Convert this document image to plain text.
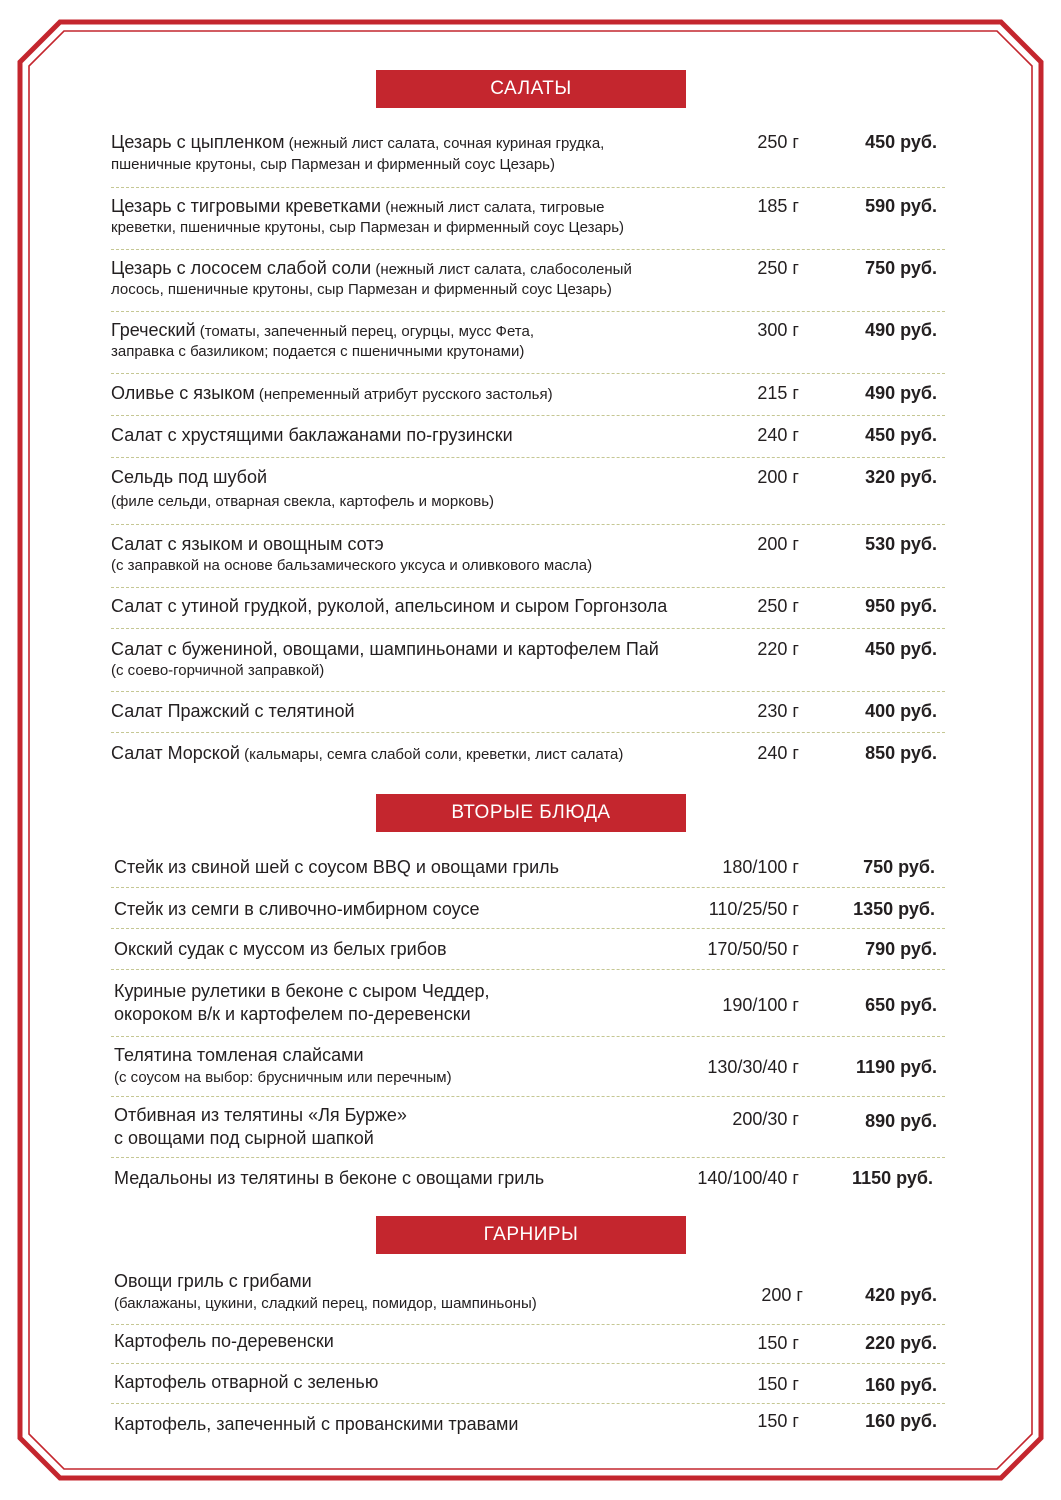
САЛАТЫ
Цезарь с цыпленком (нежный лист салата, сочная куриная грудка,
пшеничные крутоны, сыр Пармезан и фирменный соус Цезарь)
250 г	450 руб.
Цезарь с тигровыми креветками (нежный лист салата, тигровые
креветки, пшеничные крутоны, сыр Пармезан и фирменный соус Цезарь)
185 г	590 руб.
Цезарь с лососем слабой соли (нежный лист салата, слабосоленый
лосось, пшеничные крутоны, сыр Пармезан и фирменный соус Цезарь)
250 г	750 руб.
Греческий (томаты, запеченный перец, огурцы, мусс Фета,
заправка с базиликом; подается с пшеничными крутонами)
300 г	490 руб.
Оливье с языком (непременный атрибут русского застолья)	215 г	490 руб.
Салат с хрустящими баклажанами по-грузински	240 г	450 руб.
Сельдь под шубой
(филе сельди, отварная свекла, картофель и морковь)
200 г	320 руб.
Салат с языком и овощным сотэ
(с заправкой на основе бальзамического уксуса и оливкового масла)
200 г	530 руб.
Салат с утиной грудкой, руколой, апельсином и сыром Горгонзола	250 г	950 руб.
Салат с бужениной, овощами, шампиньонами и картофелем Пай
(с соево-горчичной заправкой)
220 г	450 руб.
Салат Пражский с телятиной	230 г	400 руб.
Салат Морской (кальмары, семга слабой соли, креветки, лист салата)	240 г	850 руб.
ВТОРЫЕ БЛЮДА
Стейк из свиной шей с соусом BBQ и овощами гриль	180/100 г	750 руб.
Стейк из семги в сливочно-имбирном соусе	110/25/50 г	1350 руб.
Окский судак с муссом из белых грибов	170/50/50 г	790 руб.
Куриные рулетики в беконе с сыром Чеддер,
окороком в/к и картофелем по-деревенски	190/100 г	650 руб.
Телятина томленая слайсами
(с соусом на выбор: брусничным или перечным)
130/30/40 г	1190 руб.
Отбивная из телятины «Ля Бурже»
с овощами под сырной шапкой
200/30 г	890 руб.
Медальоны из телятины в беконе с овощами гриль	140/100/40 г	1150 руб.
ГАРНИРЫ
Овощи гриль с грибами
(баклажаны, цукини, сладкий перец, помидор, шампиньоны)	200 г	420 руб.
Картофель по-деревенски	150 г	220 руб.
Картофель отварной с зеленью	150 г	160 руб.
Картофель, запеченный с прованскими травами	150 г	160 руб.
